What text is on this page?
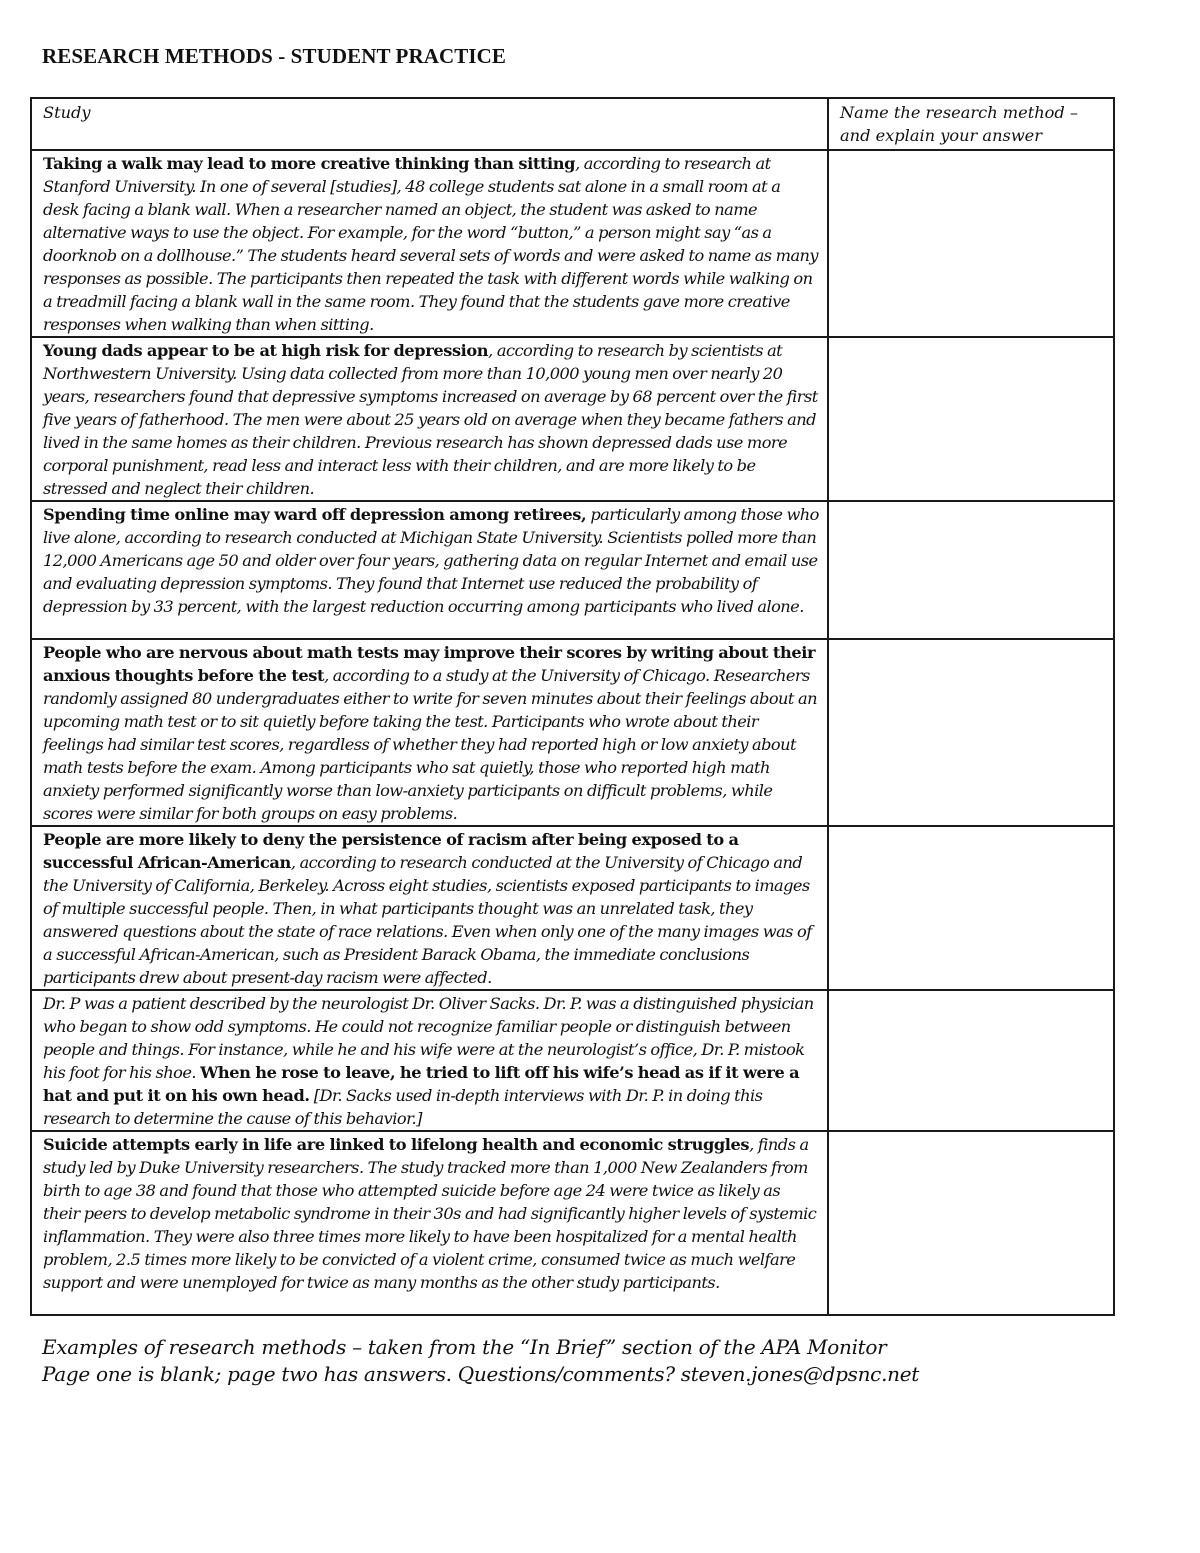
RESEARCH METHODS - STUDENT PRACTICE
Study	Name the research method – and explain your answer
Taking a walk may lead to more creative thinking than sitting, according to research at Stanford University. In one of several [studies], 48 college students sat alone in a small room at a desk facing a blank wall. When a researcher named an object, the student was asked to name alternative ways to use the object. For example, for the word “button,” a person might say “as a doorknob on a dollhouse.” The students heard several sets of words and were asked to name as many responses as possible. The participants then repeated the task with different words while walking on a treadmill facing a blank wall in the same room. They found that the students gave more creative responses when walking than when sitting.	
Young dads appear to be at high risk for depression, according to research by scientists at Northwestern University. Using data collected from more than 10,000 young men over nearly 20 years, researchers found that depressive symptoms increased on average by 68 percent over the first five years of fatherhood. The men were about 25 years old on average when they became fathers and lived in the same homes as their children. Previous research has shown depressed dads use more corporal punishment, read less and interact less with their children, and are more likely to be stressed and neglect their children.	
Spending time online may ward off depression among retirees, particularly among those who live alone, according to research conducted at Michigan State University. Scientists polled more than 12,000 Americans age 50 and older over four years, gathering data on regular Internet and email use and evaluating depression symptoms. They found that Internet use reduced the probability of depression by 33 percent, with the largest reduction occurring among participants who lived alone.	
People who are nervous about math tests may improve their scores by writing about their anxious thoughts before the test, according to a study at the University of Chicago. Researchers randomly assigned 80 undergraduates either to write for seven minutes about their feelings about an upcoming math test or to sit quietly before taking the test. Participants who wrote about their feelings had similar test scores, regardless of whether they had reported high or low anxiety about math tests before the exam. Among participants who sat quietly, those who reported high math anxiety performed significantly worse than low-anxiety participants on difficult problems, while scores were similar for both groups on easy problems.	
People are more likely to deny the persistence of racism after being exposed to a successful African-American, according to research conducted at the University of Chicago and the University of California, Berkeley. Across eight studies, scientists exposed participants to images of multiple successful people. Then, in what participants thought was an unrelated task, they answered questions about the state of race relations. Even when only one of the many images was of a successful African-American, such as President Barack Obama, the immediate conclusions participants drew about present-day racism were affected.	
Dr. P was a patient described by the neurologist Dr. Oliver Sacks. Dr. P. was a distinguished physician who began to show odd symptoms. He could not recognize familiar people or distinguish between people and things. For instance, while he and his wife were at the neurologist’s office, Dr. P. mistook his foot for his shoe. When he rose to leave, he tried to lift off his wife’s head as if it were a hat and put it on his own head. [Dr. Sacks used in-depth interviews with Dr. P. in doing this research to determine the cause of this behavior.]	
Suicide attempts early in life are linked to lifelong health and economic struggles, finds a study led by Duke University researchers. The study tracked more than 1,000 New Zealanders from birth to age 38 and found that those who attempted suicide before age 24 were twice as likely as their peers to develop metabolic syndrome in their 30s and had significantly higher levels of systemic inflammation. They were also three times more likely to have been hospitalized for a mental health problem, 2.5 times more likely to be convicted of a violent crime, consumed twice as much welfare support and were unemployed for twice as many months as the other study participants.	
Examples of research methods – taken from the “In Brief” section of the APA Monitor
Page one is blank; page two has answers. Questions/comments? steven.jones@dpsnc.net
